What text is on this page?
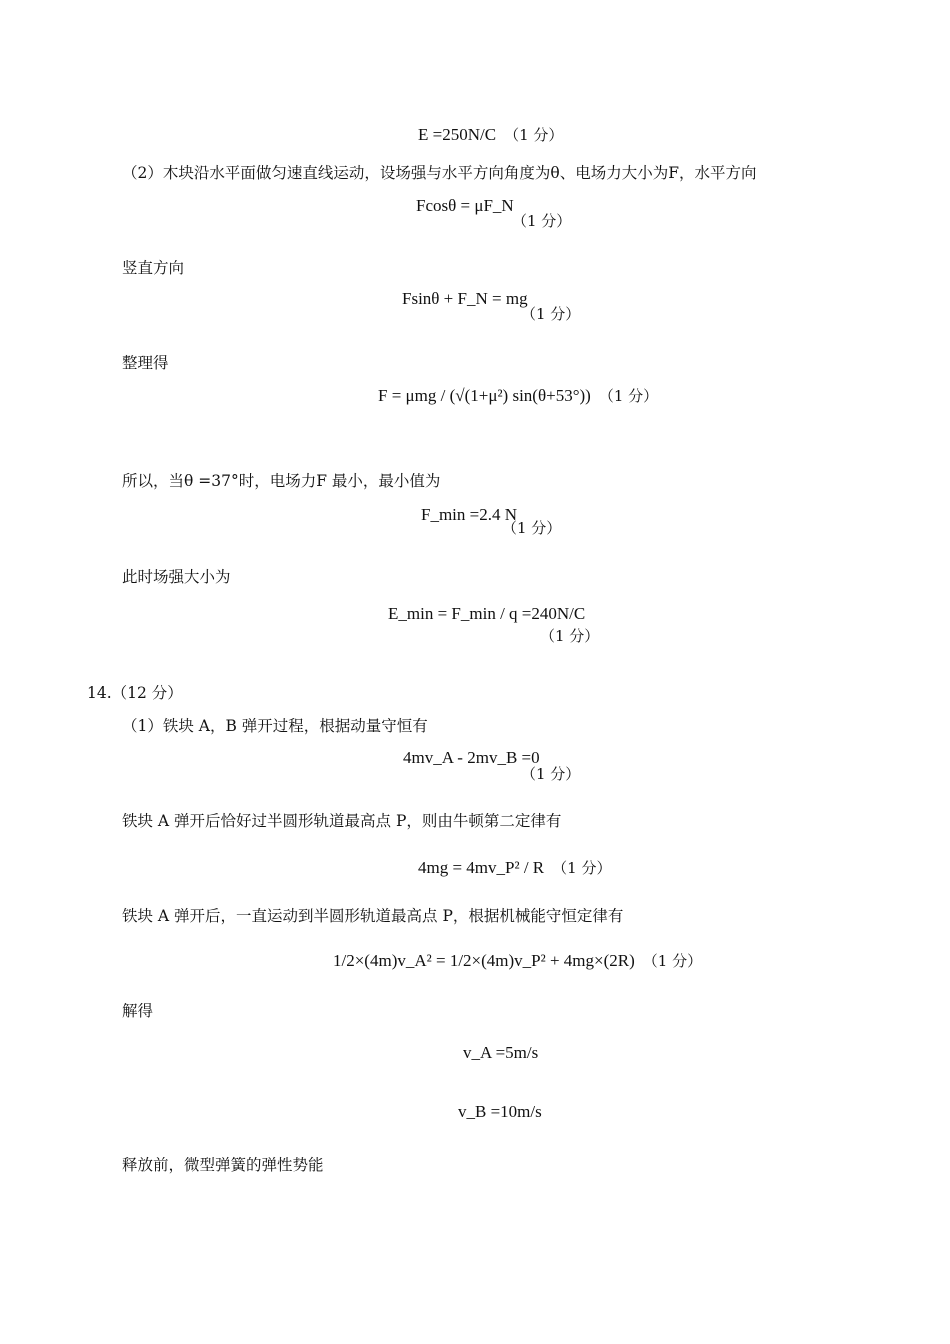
E =250N/C （1 分）
（2）木块沿水平面做匀速直线运动，设场强与水平方向角度为θ、电场力大小为F，水平方向
Fcosθ = μF_N
（1 分）
竖直方向
Fsinθ + F_N = mg
（1 分）
整理得
F = μmg / (√(1+μ²) sin(θ+53°)) （1 分）
所以，当θ =37°时，电场力F 最小，最小值为
F_min =2.4 N
（1 分）
此时场强大小为
E_min = F_min / q =240N/C
（1 分）
14.（12 分）
（1）铁块 A，B 弹开过程，根据动量守恒有
4mv_A - 2mv_B =0
（1 分）
铁块 A 弹开后恰好过半圆形轨道最高点 P，则由牛顿第二定律有
4mg = 4mv_P² / R （1 分）
铁块 A 弹开后，一直运动到半圆形轨道最高点 P，根据机械能守恒定律有
1/2×(4m)v_A² = 1/2×(4m)v_P² + 4mg×(2R) （1 分）
解得
v_A =5m/s
v_B =10m/s
释放前，微型弹簧的弹性势能
